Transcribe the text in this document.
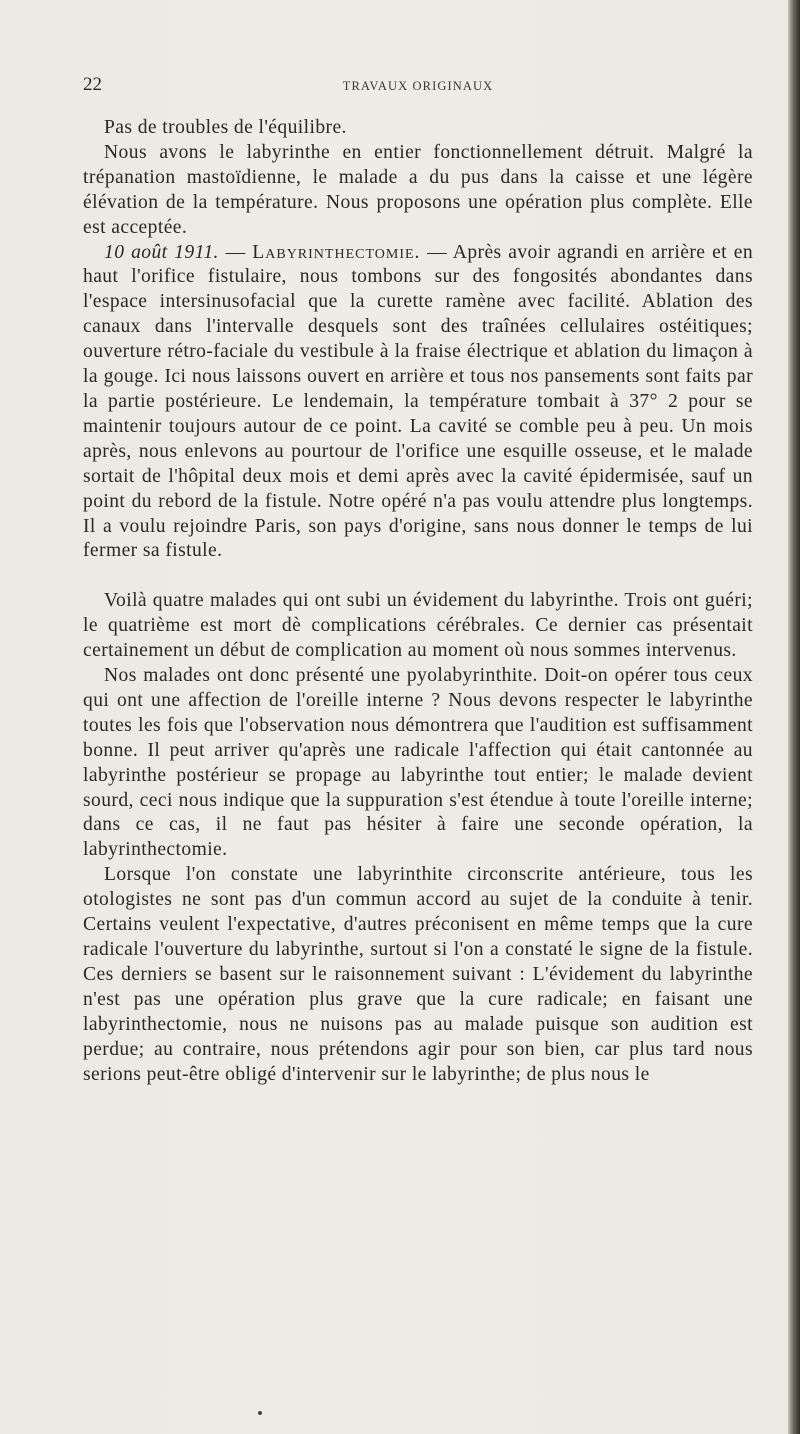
22	TRAVAUX ORIGINAUX

Pas de troubles de l'équilibre.

Nous avons le labyrinthe en entier fonctionnellement détruit. Malgré la trépanation mastoïdienne, le malade a du pus dans la caisse et une légère élévation de la température. Nous proposons une opération plus complète. Elle est acceptée.

10 août 1911. — Labyrinthectomie. — Après avoir agrandi en arrière et en haut l'orifice fistulaire, nous tombons sur des fongosités abondantes dans l'espace intersinusofacial que la curette ramène avec facilité. Ablation des canaux dans l'intervalle desquels sont des traînées cellulaires ostéitiques; ouverture rétro-faciale du vestibule à la fraise électrique et ablation du limaçon à la gouge. Ici nous laissons ouvert en arrière et tous nos pansements sont faits par la partie postérieure. Le lendemain, la température tombait à 37° 2 pour se maintenir toujours autour de ce point. La cavité se comble peu à peu. Un mois après, nous enlevons au pourtour de l'orifice une esquille osseuse, et le malade sortait de l'hôpital deux mois et demi après avec la cavité épidermisée, sauf un point du rebord de la fistule. Notre opéré n'a pas voulu attendre plus longtemps. Il a voulu rejoindre Paris, son pays d'origine, sans nous donner le temps de lui fermer sa fistule.

Voilà quatre malades qui ont subi un évidement du labyrinthe. Trois ont guéri; le quatrième est mort dè complications cérébrales. Ce dernier cas présentait certainement un début de complication au moment où nous sommes intervenus.

Nos malades ont donc présenté une pyolabyrinthite. Doit-on opérer tous ceux qui ont une affection de l'oreille interne ? Nous devons respecter le labyrinthe toutes les fois que l'observation nous démontrera que l'audition est suffisamment bonne. Il peut arriver qu'après une radicale l'affection qui était cantonnée au labyrinthe postérieur se propage au labyrinthe tout entier; le malade devient sourd, ceci nous indique que la suppuration s'est étendue à toute l'oreille interne; dans ce cas, il ne faut pas hésiter à faire une seconde opération, la labyrinthectomie.

Lorsque l'on constate une labyrinthite circonscrite antérieure, tous les otologistes ne sont pas d'un commun accord au sujet de la conduite à tenir. Certains veulent l'expectative, d'autres préconisent en même temps que la cure radicale l'ouverture du labyrinthe, surtout si l'on a constaté le signe de la fistule. Ces derniers se basent sur le raisonnement suivant : L'évidement du labyrinthe n'est pas une opération plus grave que la cure radicale; en faisant une labyrinthectomie, nous ne nuisons pas au malade puisque son audition est perdue; au contraire, nous prétendons agir pour son bien, car plus tard nous serions peut-être obligé d'intervenir sur le labyrinthe; de plus nous le
